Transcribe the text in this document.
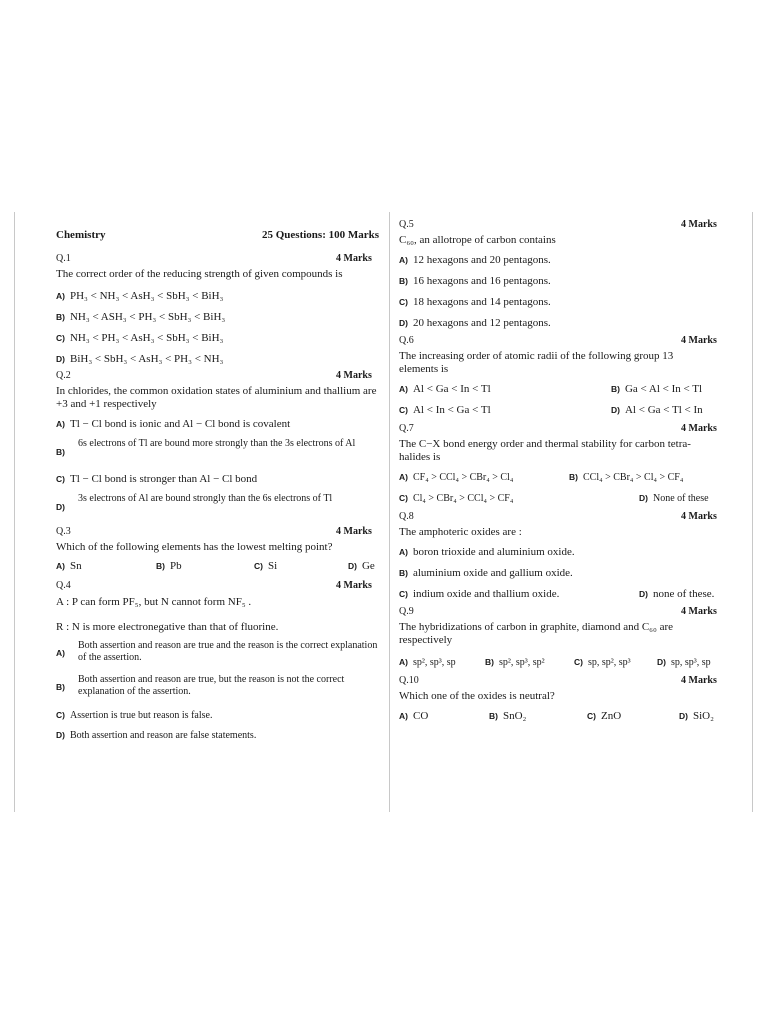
Chemistry	25 Questions: 100 Marks
Q.1	4 Marks
The correct order of the reducing strength of given compounds is
A) PH₃ < NH₃ < AsH₃ < SbH₃ < BiH₃
B) NH₃ < ASH₃ < PH₃ < SbH₃ < BiH₃
C) NH₃ < PH₃ < AsH₃ < SbH₃ < BiH₃
D) BiH₃ < SbH₃ < AsH₃ < PH₃ < NH₃
Q.2	4 Marks
In chlorides, the common oxidation states of aluminium and thallium are +3 and +1 respectively
A) Tl − Cl bond is ionic and Al − Cl bond is covalent
B)
6s electrons of Tl are bound more strongly than the 3s electrons of Al
C) Tl − Cl bond is stronger than Al − Cl bond
D)
3s electrons of Al are bound strongly than the 6s electrons of Tl
Q.3	4 Marks
Which of the following elements has the lowest melting point?
A) Sn	B) Pb	C) Si	D) Ge
Q.4	4 Marks
A : P can form PF₅, but N cannot form NF₅ .
R : N is more electronegative than that of fluorine.
A)
Both assertion and reason are true and the reason is the correct explanation of the assertion.
B)
Both assertion and reason are true, but the reason is not the correct explanation of the assertion.
C) Assertion is true but reason is false.
D) Both assertion and reason are false statements.
Q.5	4 Marks
C₆₀, an allotrope of carbon contains
A) 12 hexagons and 20 pentagons.
B) 16 hexagons and 16 pentagons.
C) 18 hexagons and 14 pentagons.
D) 20 hexagons and 12 pentagons.
Q.6	4 Marks
The increasing order of atomic radii of the following group 13 elements is
A) Al < Ga < In < Tl	B) Ga < Al < In < Tl
C) Al < In < Ga < Tl	D) Al < Ga < Tl < In
Q.7	4 Marks
The C−X bond energy order and thermal stability for carbon tetra-halides is
A) CF₄ > CCl₄ > CBr₄ > Cl₄	B) CCl₄ > CBr₄ > Cl₄ > CF₄
C) Cl₄ > CBr₄ > CCl₄ > CF₄	D) None of these
Q.8	4 Marks
The amphoteric oxides are :
A) boron trioxide and aluminium oxide.
B) aluminium oxide and gallium oxide.
C) indium oxide and thallium oxide.	D) none of these.
Q.9	4 Marks
The hybridizations of carbon in graphite, diamond and C₆₀ are respectively
A) sp², sp³, sp	B) sp², sp³, sp²	C) sp, sp², sp³	D) sp, sp³, sp
Q.10	4 Marks
Which one of the oxides is neutral?
A) CO	B) SnO₂	C) ZnO	D) SiO₂
